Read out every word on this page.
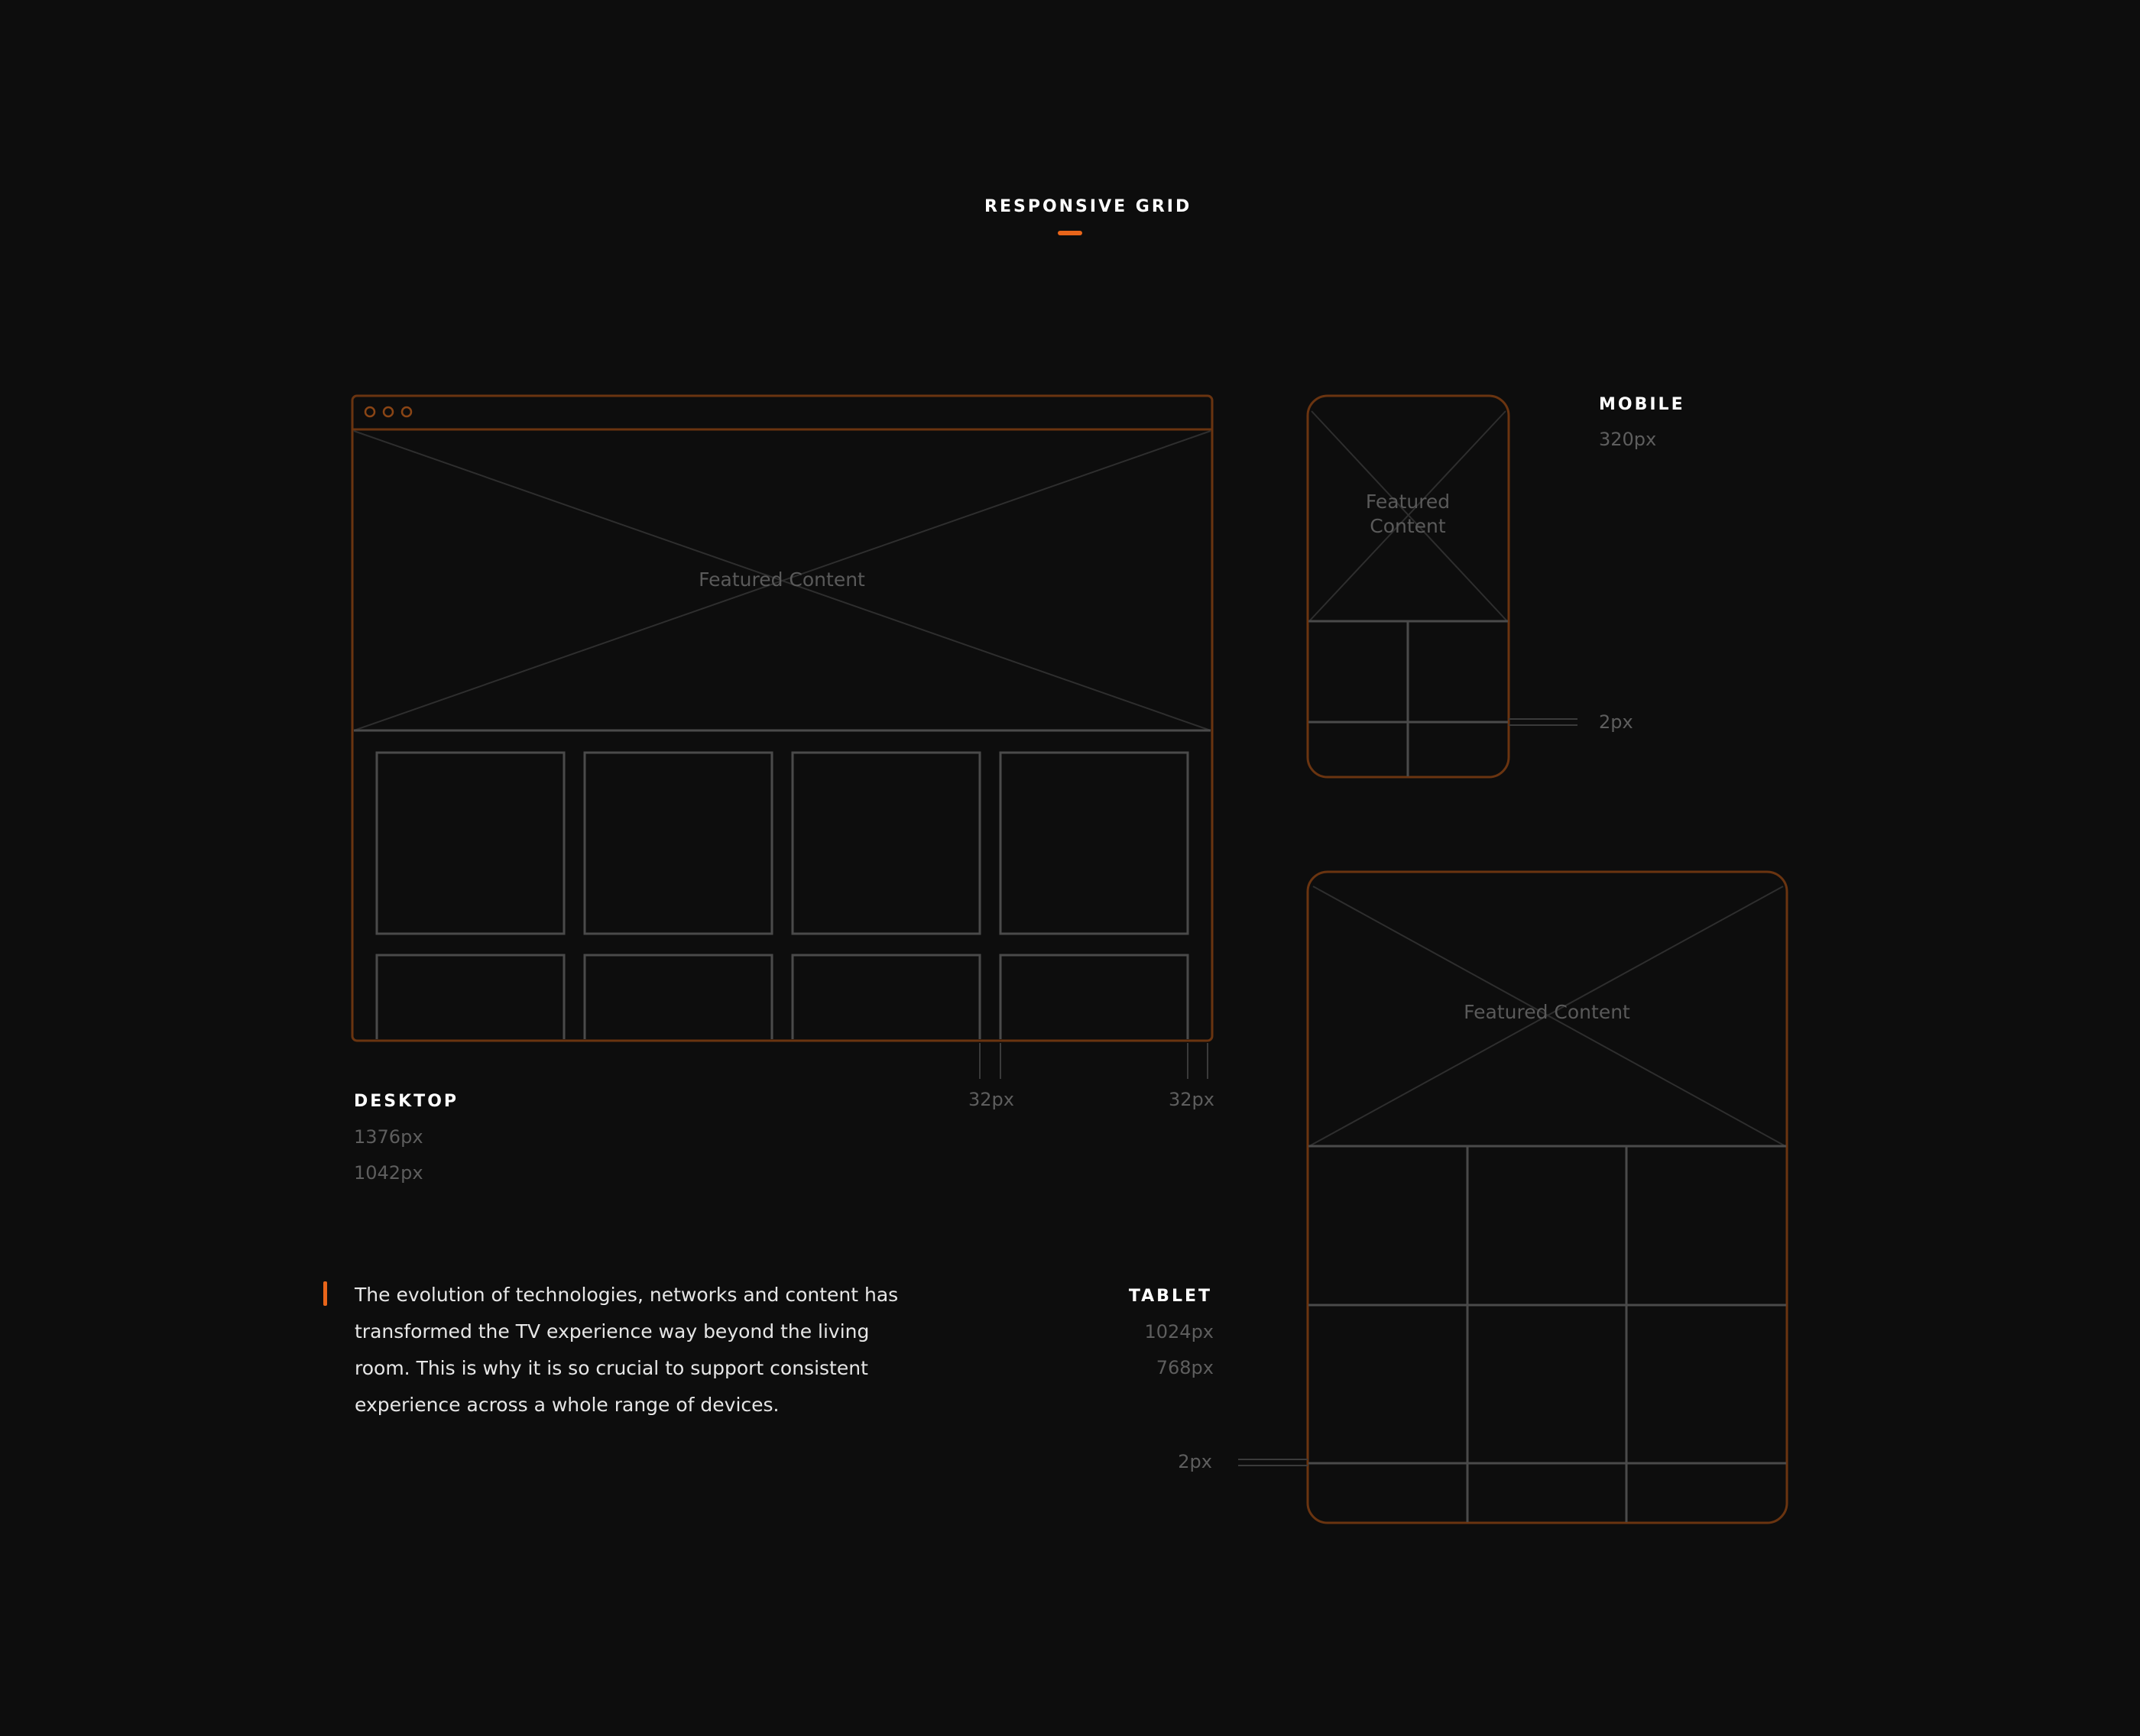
RESPONSIVE GRID
Featured Content
DESKTOP
1376px
1042px
32px	32px
Featured
Content
MOBILE
320px
2px
Featured Content
TABLET
1024px
768px
2px
The evolution of technologies, networks and content has
transformed the TV experience way beyond the living
room. This is why it is so crucial to support consistent
experience across a whole range of devices.
